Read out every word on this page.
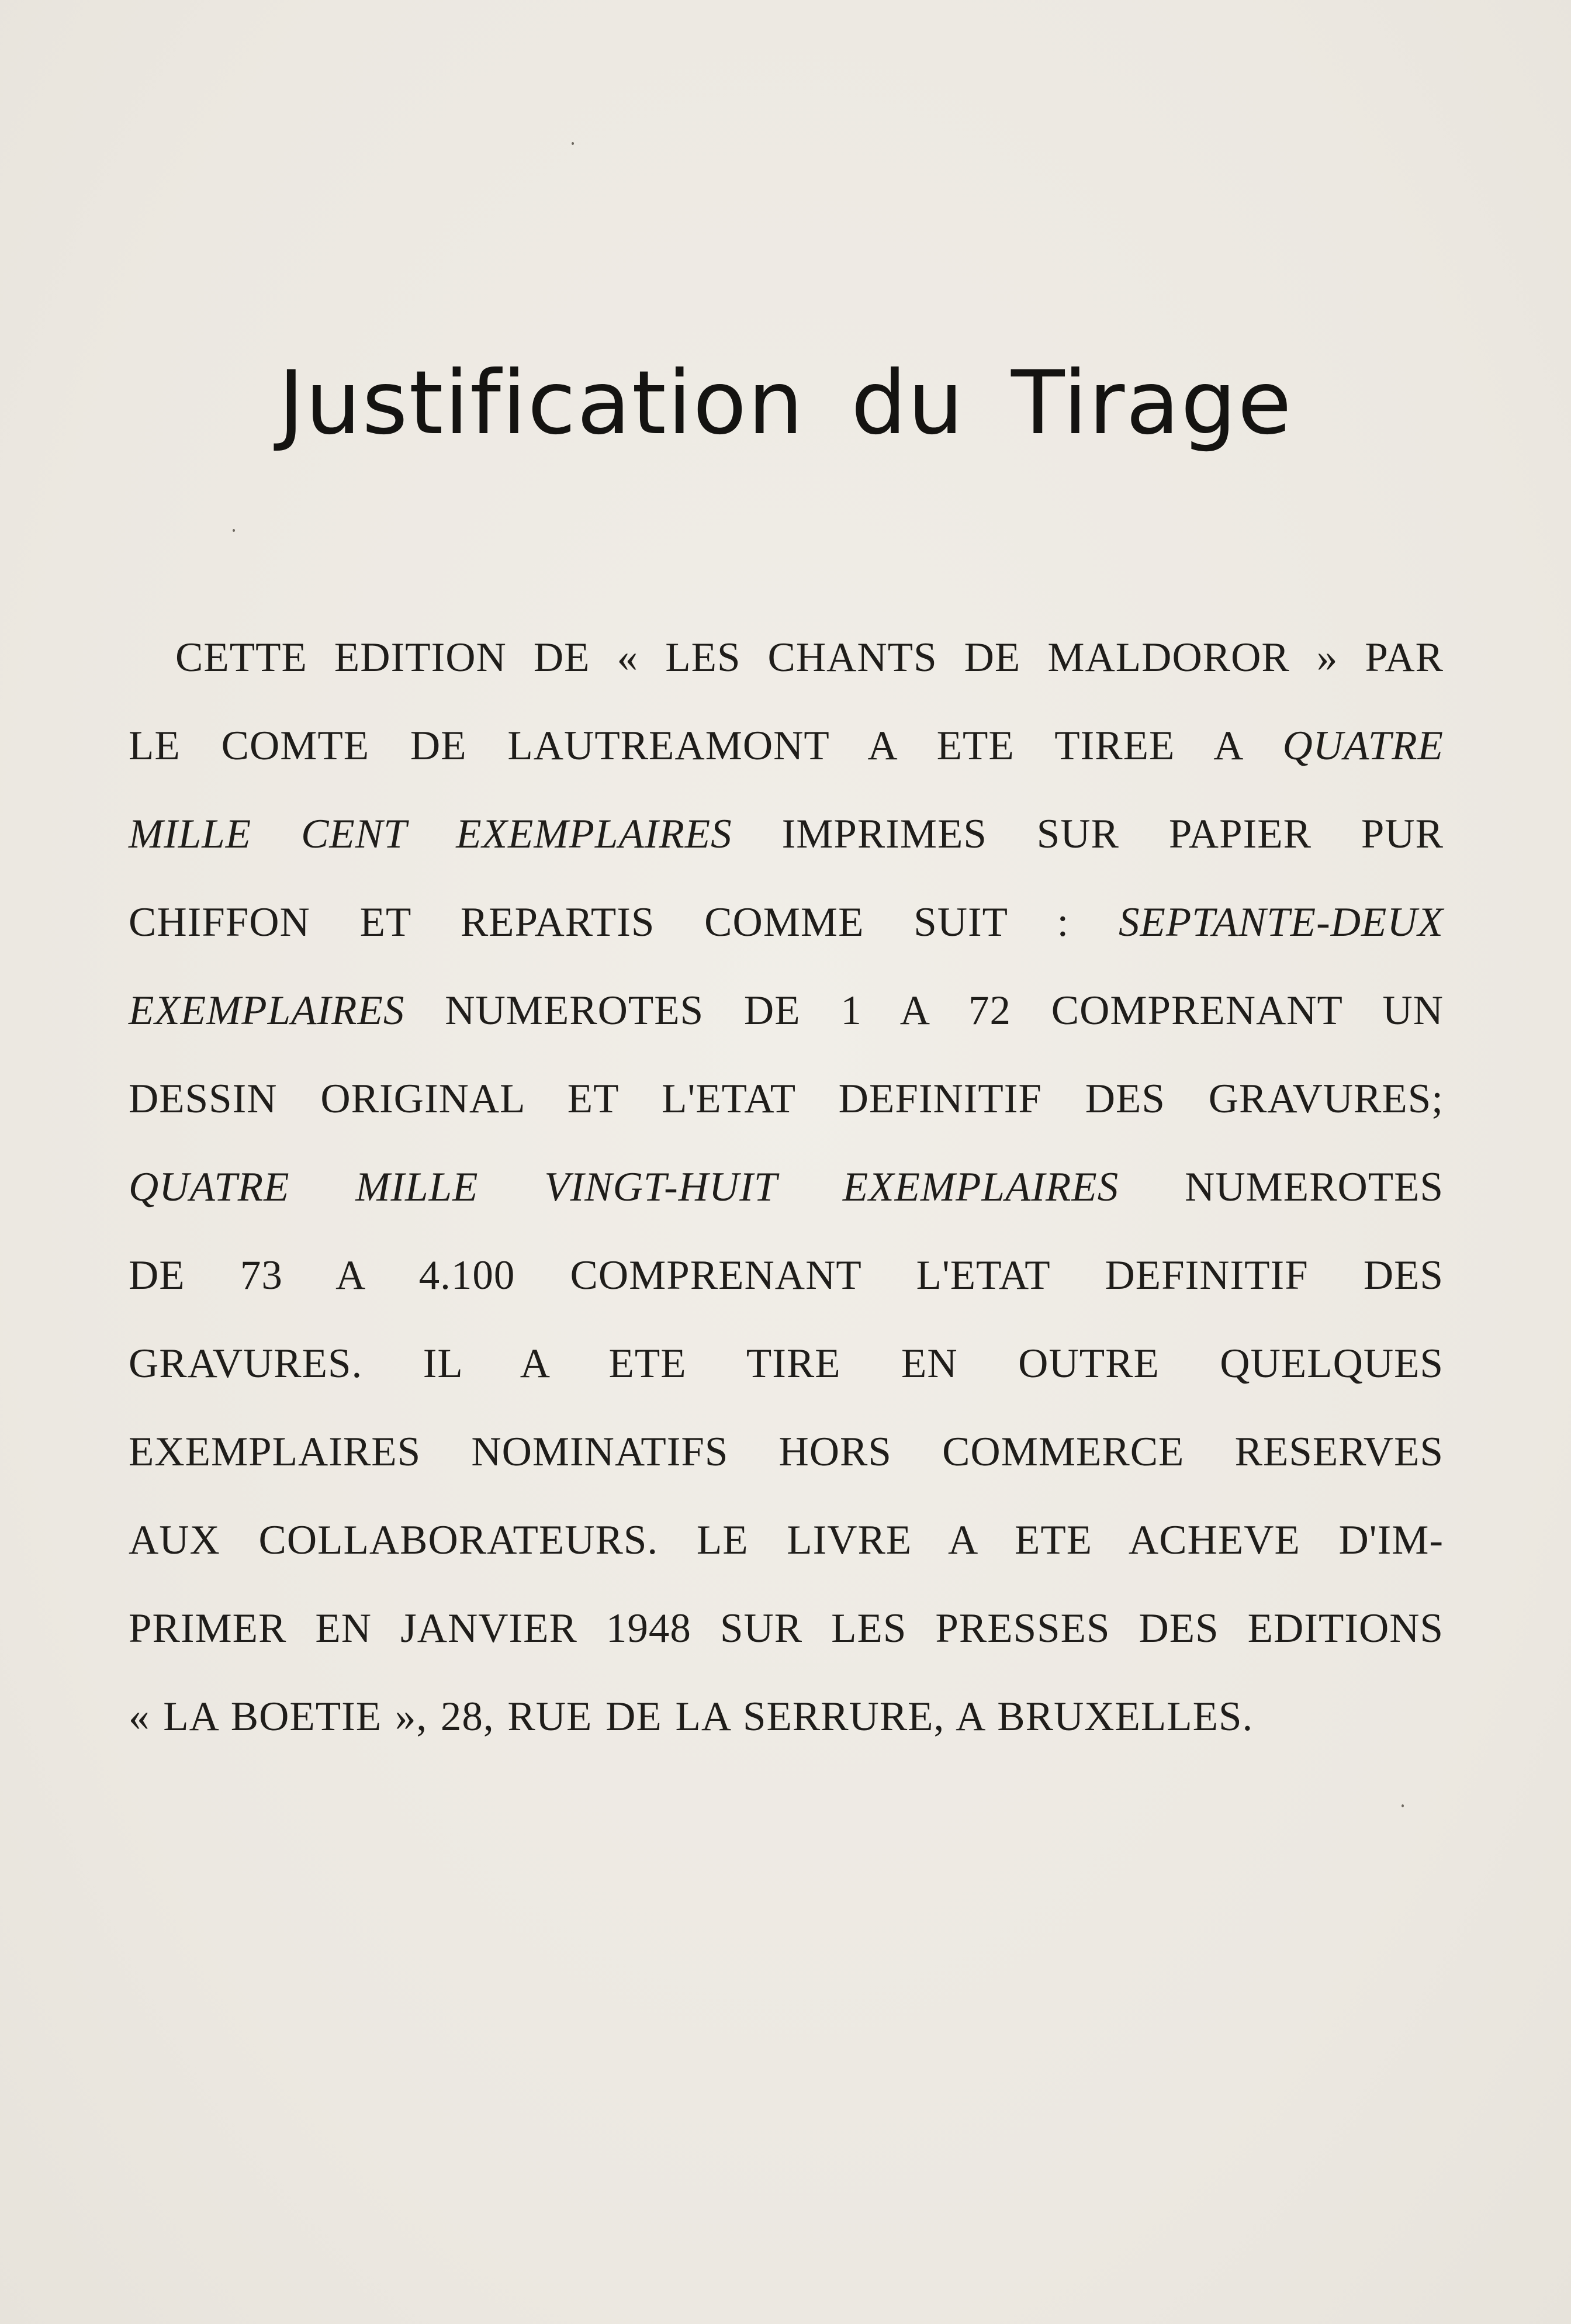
Justification du Tirage
CETTE EDITION DE « LES CHANTS DE MALDOROR » PAR
LE COMTE DE LAUTREAMONT A ETE TIREE A QUATRE
MILLE CENT EXEMPLAIRES IMPRIMES SUR PAPIER PUR
CHIFFON ET REPARTIS COMME SUIT : SEPTANTE-DEUX
EXEMPLAIRES NUMEROTES DE 1 A 72 COMPRENANT UN
DESSIN ORIGINAL ET L'ETAT DEFINITIF DES GRAVURES;
QUATRE MILLE VINGT-HUIT EXEMPLAIRES NUMEROTES
DE 73 A 4.100 COMPRENANT L'ETAT DEFINITIF DES
GRAVURES. IL A ETE TIRE EN OUTRE QUELQUES
EXEMPLAIRES NOMINATIFS HORS COMMERCE RESERVES
AUX COLLABORATEURS. LE LIVRE A ETE ACHEVE D'IM-
PRIMER EN JANVIER 1948 SUR LES PRESSES DES EDITIONS
« LA BOETIE », 28, RUE DE LA SERRURE, A BRUXELLES.
